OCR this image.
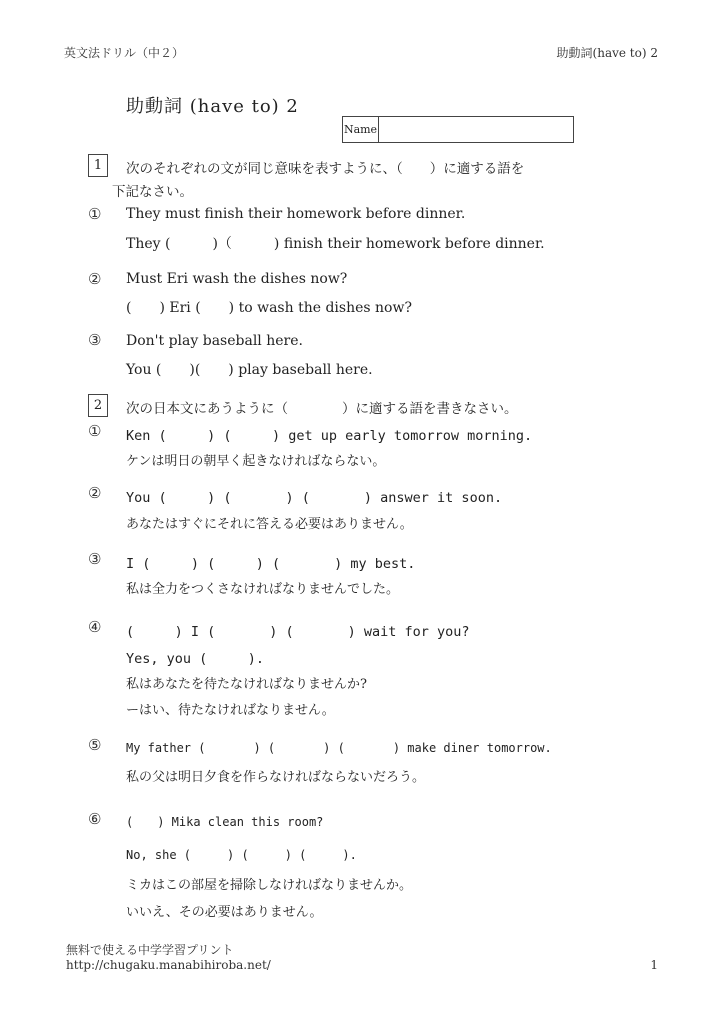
英文法ドリル（中２）	助動詞(have to) 2
助動詞 (have to) 2
Name
1	次のそれぞれの文が同じ意味を表すように、（　　）に適する語を
下記なさい。
① They must finish their homework before dinner.
They (　　　)（　　　) finish their homework before dinner.
② Must Eri wash the dishes now?
(　　) Eri (　　) to wash the dishes now?
③ Don't play baseball here.
You (　　)(　　) play baseball here.
2	次の日本文にあうように（　　　　）に適する語を書きなさい。
① Ken (　　　) (　　　) get up early tomorrow morning.
ケンは明日の朝早く起きなければならない。
② You (　　　) (　　　　) (　　　　) answer it soon.
あなたはすぐにそれに答える必要はありません。
③ I (　　　) (　　　) (　　　　) my best.
私は全力をつくさなければなりませんでした。
④ (　　　) I (　　　　) (　　　　) wait for you?
Yes, you (　　　).
私はあなたを待たなければなりませんか?
ーはい、待たなければなりません。
⑤ My father (　　　　) (　　　　) (　　　　) make diner tomorrow.
私の父は明日夕食を作らなければならないだろう。
⑥ (　　) Mika clean this room?
No, she (　　　) (　　　) (　　　).
ミカはこの部屋を掃除しなければなりませんか。
いいえ、その必要はありません。
無料で使える中学学習プリント
http://chugaku.manabihiroba.net/	1
